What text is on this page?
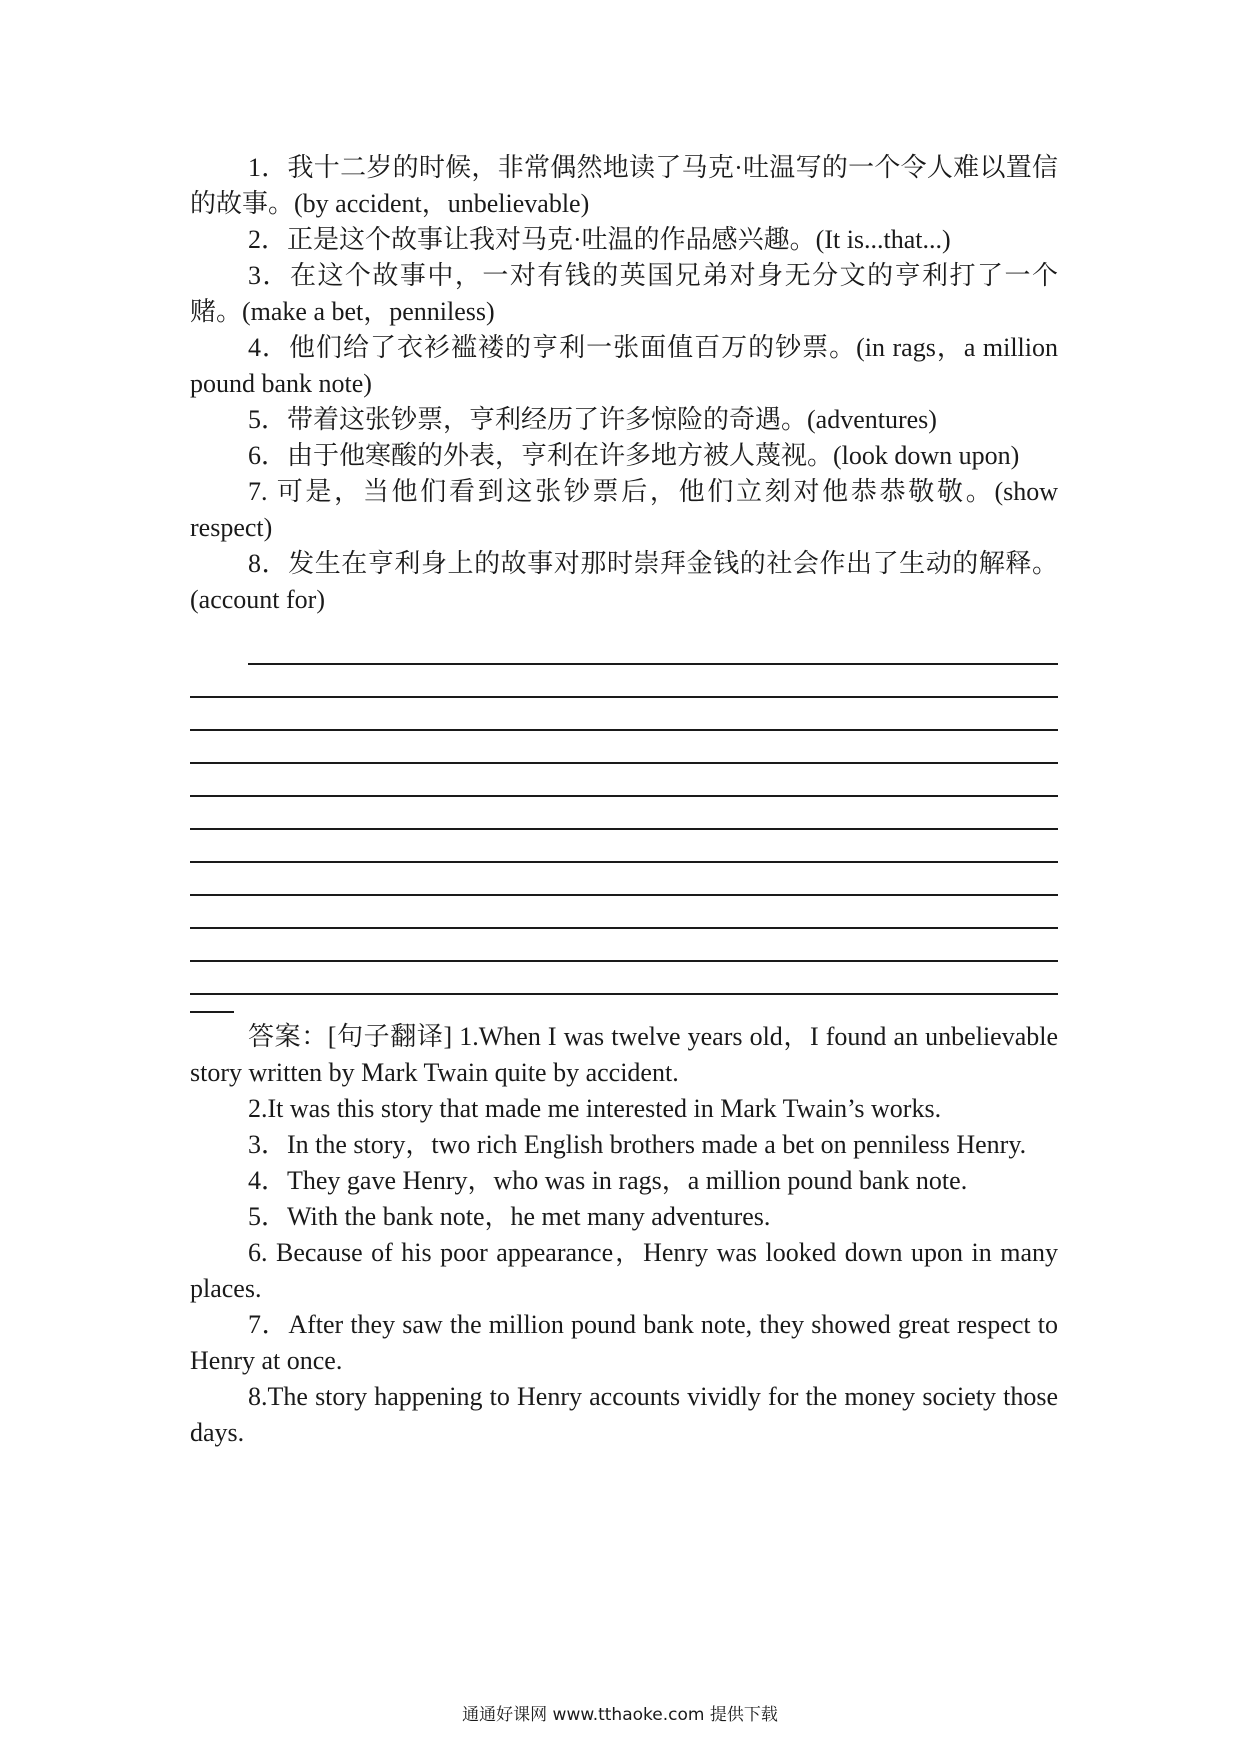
1．我十二岁的时候，非常偶然地读了马克·吐温写的一个令人难以置信的故事。(by accident，unbelievable)

2．正是这个故事让我对马克·吐温的作品感兴趣。(It is...that...)

3．在这个故事中，一对有钱的英国兄弟对身无分文的亨利打了一个赌。(make a bet，penniless)

4．他们给了衣衫褴褛的亨利一张面值百万的钞票。(in rags，a million pound bank note)

5．带着这张钞票，亨利经历了许多惊险的奇遇。(adventures)

6．由于他寒酸的外表，亨利在许多地方被人蔑视。(look down upon)

7. 可是，当他们看到这张钞票后，他们立刻对他恭恭敬敬。(show respect)

8．发生在亨利身上的故事对那时崇拜金钱的社会作出了生动的解释。(account for)

答案：[句子翻译] 1.When I was twelve years old，I found an unbelievable story written by Mark Twain quite by accident.

2.It was this story that made me interested in Mark Twain’s works.

3．In the story，two rich English brothers made a bet on penniless Henry.

4．They gave Henry，who was in rags，a million pound bank note.

5．With the bank note，he met many adventures.

6. Because of his poor appearance，Henry was looked down upon in many places.

7．After they saw the million pound bank note, they showed great respect to Henry at once.

8.The story happening to Henry accounts vividly for the money society those days.

通通好课网 www.tthaoke.com 提供下载
